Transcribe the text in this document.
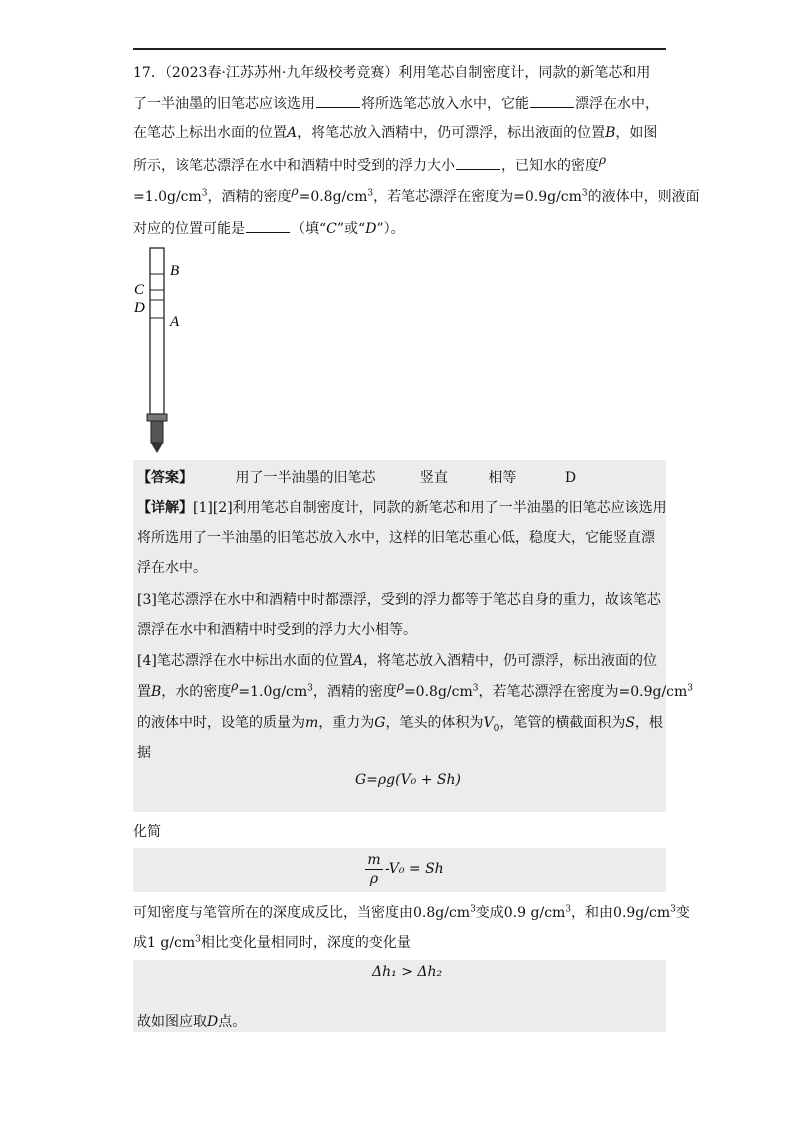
17．（2023春·江苏苏州·九年级校考竞赛）利用笔芯自制密度计，同款的新笔芯和用
了一半油墨的旧笔芯应该选用	将所选笔芯放入水中，它能	漂浮在水中，
在笔芯上标出水面的位置A，将笔芯放入酒精中，仍可漂浮，标出液面的位置B，如图
所示，该笔芯漂浮在水中和酒精中时受到的浮力大小	，已知水的密度ρ
$=1.0g/cm^3$，酒精的密度$\rho=0.8g/cm^3$，若笔芯漂浮在密度为$=0.9g/cm^3$的液体中，则液面
对应的位置可能是	（填“C”或“D”）。
B
C
D
A
【答案】	用了一半油墨的旧笔芯	竖直	相等	D
【详解】[1][2]利用笔芯自制密度计，同款的新笔芯和用了一半油墨的旧笔芯应该选用
将所选用了一半油墨的旧笔芯放入水中，这样的旧笔芯重心低，稳度大，它能竖直漂
浮在水中。
[3]笔芯漂浮在水中和酒精中时都漂浮，受到的浮力都等于笔芯自身的重力，故该笔芯
漂浮在水中和酒精中时受到的浮力大小相等。
[4]笔芯漂浮在水中标出水面的位置A，将笔芯放入酒精中，仍可漂浮，标出液面的位
置B，水的密度$\rho=1.0g/cm^3$，酒精的密度$\rho=0.8g/cm^3$，若笔芯漂浮在密度为$=0.9g/cm^3$
的液体中时，设笔的质量为m，重力为G，笔头的体积为$V_0$，笔管的横截面积为S，根
据
G=ρg(V₀ + Sh)
化简
m
ρ
-V₀ = Sh
可知密度与笔管所在的深度成反比，当密度由$0.8g/cm^3$变成0.9 $g/cm^3$，和由$0.9g/cm^3$变
成1 $g/cm^3$相比变化量相同时，深度的变化量
Δh₁ > Δh₂
故如图应取D点。
